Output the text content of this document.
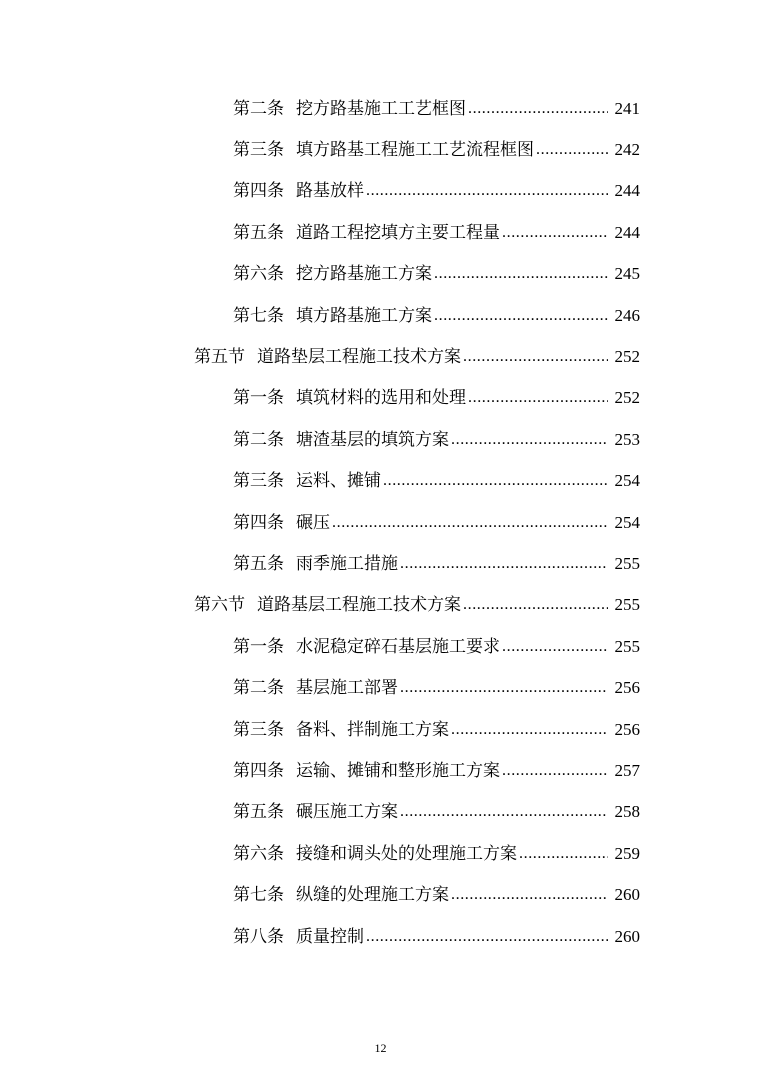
第二条 挖方路基施工工艺框图 .....	241
第三条 填方路基工程施工工艺流程框图 .....	242
第四条 路基放样 .....	244
第五条 道路工程挖填方主要工程量 .....	244
第六条 挖方路基施工方案 .....	245
第七条 填方路基施工方案 .....	246
第五节 道路垫层工程施工技术方案 .....	252
第一条 填筑材料的选用和处理 .....	252
第二条 塘渣基层的填筑方案 .....	253
第三条 运料、摊铺 .....	254
第四条 碾压 .....	254
第五条 雨季施工措施 .....	255
第六节 道路基层工程施工技术方案 .....	255
第一条 水泥稳定碎石基层施工要求 .....	255
第二条 基层施工部署 .....	256
第三条 备料、拌制施工方案 .....	256
第四条 运输、摊铺和整形施工方案 .....	257
第五条 碾压施工方案 .....	258
第六条 接缝和调头处的处理施工方案 .....	259
第七条 纵缝的处理施工方案 .....	260
第八条 质量控制 .....	260
12
